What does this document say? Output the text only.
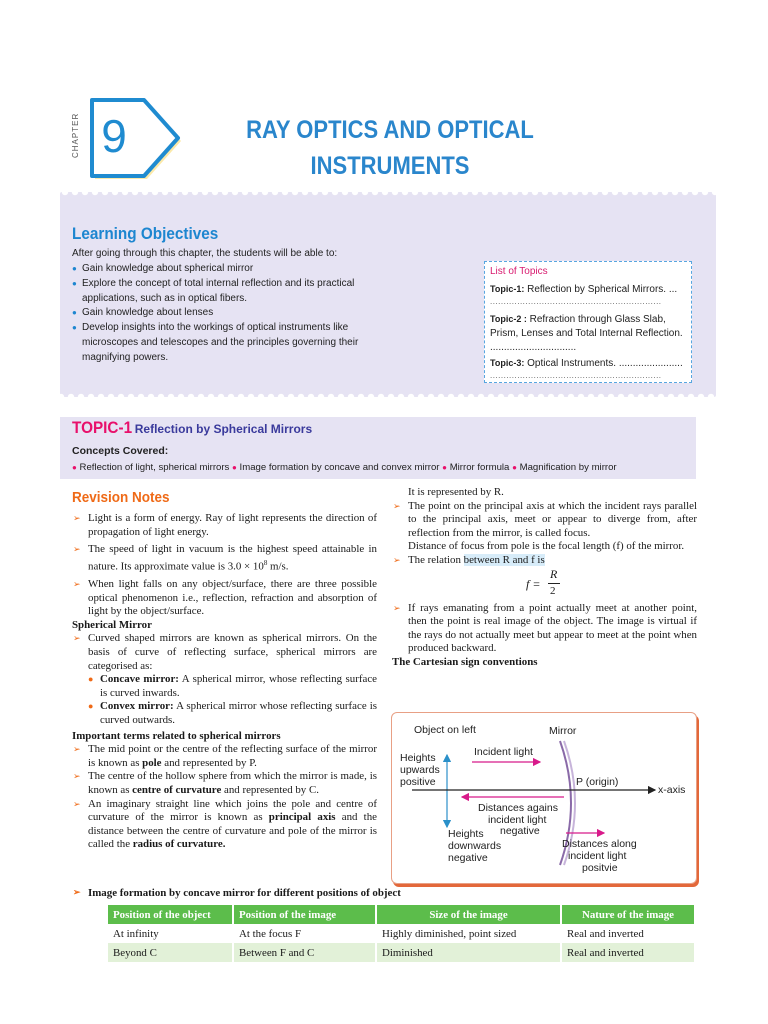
CHAPTER 9	RAY OPTICS AND OPTICAL
INSTRUMENTS
Learning Objectives
After going through this chapter, the students will be able to:
● Gain knowledge about spherical mirror
● Explore the concept of total internal reflection and its practical applications, such as in optical fibers.
● Gain knowledge about lenses
● Develop insights into the workings of optical instruments like microscopes and telescopes and the principles governing their magnifying powers.
List of Topics
Topic-1: Reflection by Spherical Mirrors. ...
...............................................................
Topic-2 : Refraction through Glass Slab, Prism, Lenses and Total Internal Reflection. ...............................
Topic-3: Optical Instruments. .......................
...............................................................
TOPIC-1 Reflection by Spherical Mirrors
Concepts Covered:
● Reflection of light, spherical mirrors ● Image formation by concave and convex mirror ● Mirror formula ● Magnification by mirror
Revision Notes
➢ Light is a form of energy. Ray of light represents the direction of propagation of light energy.
➢ The speed of light in vacuum is the highest speed attainable in nature. Its approximate value is $3.0 \times 10^8$ m/s.
➢ When light falls on any object/surface, there are three possible optical phenomenon i.e., reflection, refraction and absorption of light by the object/surface.
Spherical Mirror
➢ Curved shaped mirrors are known as spherical mirrors. On the basis of curve of reflecting surface, spherical mirrors are categorised as:
● Concave mirror: A spherical mirror, whose reflecting surface is curved inwards.
● Convex mirror: A spherical mirror whose reflecting surface is curved outwards.
Important terms related to spherical mirrors
➢ The mid point or the centre of the reflecting surface of the mirror is known as pole and represented by P.
➢ The centre of the hollow sphere from which the mirror is made, is known as centre of curvature and represented by C.
➢ An imaginary straight line which joins the pole and centre of curvature of the mirror is known as principal axis and the distance between the centre of curvature and pole of the mirror is called the radius of curvature.
It is represented by R.
➢ The point on the principal axis at which the incident rays parallel to the principal axis, meet or appear to diverge from, after reflection from the mirror, is called focus.
Distance of focus from pole is the focal length (f) of the mirror.
➢ The relation between R and f is
f =
R
2
➢ If rays emanating from a point actually meet at another point, then the point is real image of the object. The image is virtual if the rays do not actually meet but appear to meet at the point when produced backward.
The Cartesian sign conventions
Object on left	Mirror
Incident light
Heights
upwards
positive	P (origin)
x-axis
Distances agains
incident light
negative
Heights
downwards
negative
Distances along
incident light
positvie
➢ Image formation by concave mirror for different positions of object
Position of the object	Position of the image	Size of the image	Nature of the image
At infinity	At the focus F	Highly diminished, point sized	Real and inverted
Beyond C	Between F and C	Diminished	Real and inverted
